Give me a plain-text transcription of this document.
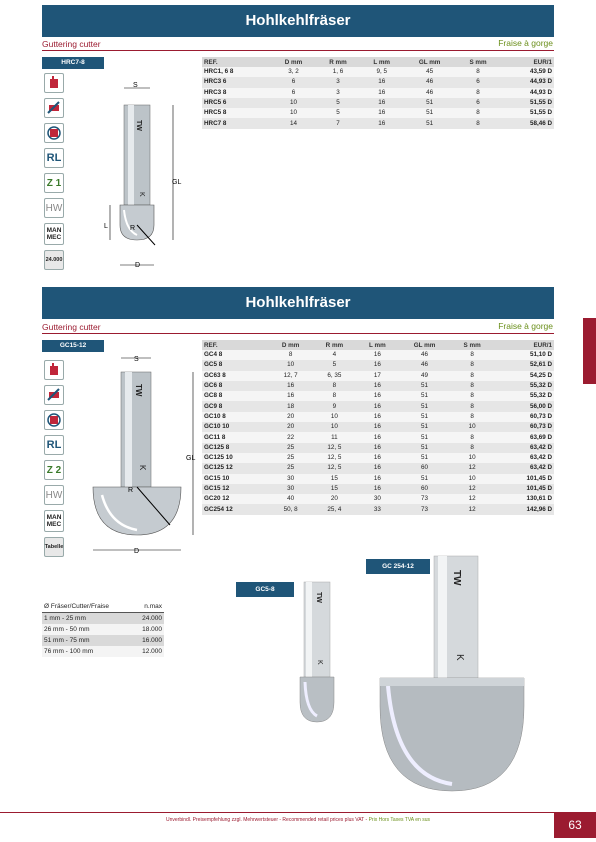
Hohlkehlfräser
Guttering cutter	Fraise à gorge
HRC7-8
RL
Z 1
HW
MAN
MEC
24.000
TW
K
R
S
GL
L
D
REF.	D mm	R mm	L mm	GL mm	S mm	EUR/1
HRC1, 6 8	3, 2	1, 6	9, 5	45	8	43,59 D
HRC3 6	6	3	16	46	6	44,93 D
HRC3 8	6	3	16	46	8	44,93 D
HRC5 6	10	5	16	51	6	51,55 D
HRC5 8	10	5	16	51	8	51,55 D
HRC7 8	14	7	16	51	8	58,46 D
Hohlkehlfräser
Guttering cutter	Fraise à gorge
GC15-12
RL
Z 2
HW
MAN
MEC
Tabelle
TW
K
R
S
GL
D
REF.	D mm	R mm	L mm	GL mm	S mm	EUR/1
GC4 8	8	4	16	46	8	51,10 D
GC5 8	10	5	16	46	8	52,61 D
GC63 8	12, 7	6, 35	17	49	8	54,25 D
GC6 8	16	8	16	51	8	55,32 D
GC8 8	16	8	16	51	8	55,32 D
GC9 8	18	9	16	51	8	56,00 D
GC10 8	20	10	16	51	8	60,73 D
GC10 10	20	10	16	51	10	60,73 D
GC11 8	22	11	16	51	8	63,69 D
GC125 8	25	12, 5	16	51	8	63,42 D
GC125 10	25	12, 5	16	51	10	63,42 D
GC125 12	25	12, 5	16	60	12	63,42 D
GC15 10	30	15	16	51	10	101,45 D
GC15 12	30	15	16	60	12	101,45 D
GC20 12	40	20	30	73	12	130,61 D
GC254 12	50, 8	25, 4	33	73	12	142,96 D
Ø Fräser/Cutter/Fraise	n.max
1 mm - 25 mm	24.000
26 mm - 50 mm	18.000
51 mm - 75 mm	16.000
76 mm - 100 mm	12.000
GC5-8
TW
K
GC 254-12
TW
K
Unverbindl. Preisempfehlung zzgl. Mehrwertsteuer - Recommended retail prices plus VAT - Prix Hors Taxes TVA en sus	63
